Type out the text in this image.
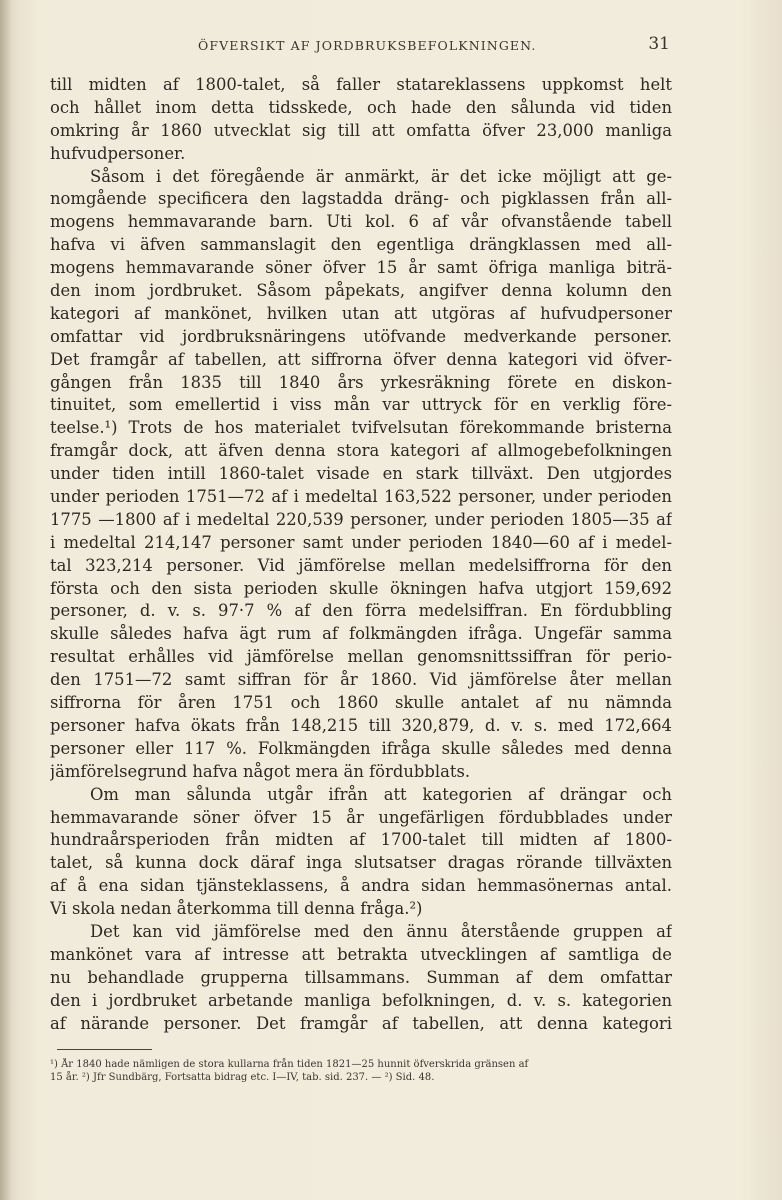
ÖFVERSIKT AF JORDBRUKSBEFOLKNINGEN.	31
till midten af 1800-talet, så faller statareklassens uppkomst helt
och hållet inom detta tidsskede, och hade den sålunda vid tiden
omkring år 1860 utvecklat sig till att omfatta öfver 23,000 manliga
hufvudpersoner.
Såsom i det föregående är anmärkt, är det icke möjligt att ge-
nomgående specificera den lagstadda dräng- och pigklassen från all-
mogens hemmavarande barn. Uti kol. 6 af vår ofvanstående tabell
hafva vi äfven sammanslagit den egentliga drängklassen med all-
mogens hemmavarande söner öfver 15 år samt öfriga manliga biträ-
den inom jordbruket. Såsom påpekats, angifver denna kolumn den
kategori af mankönet, hvilken utan att utgöras af hufvudpersoner
omfattar vid jordbruksnäringens utöfvande medverkande personer.
Det framgår af tabellen, att siffrorna öfver denna kategori vid öfver-
gången från 1835 till 1840 års yrkesräkning förete en diskon-
tinuitet, som emellertid i viss mån var uttryck för en verklig före-
teelse.¹) Trots de hos materialet tvifvelsutan förekommande bristerna
framgår dock, att äfven denna stora kategori af allmogebefolkningen
under tiden intill 1860-talet visade en stark tillväxt. Den utgjordes
under perioden 1751—72 af i medeltal 163,522 personer, under perioden
1775 —1800 af i medeltal 220,539 personer, under perioden 1805—35 af
i medeltal 214,147 personer samt under perioden 1840—60 af i medel-
tal 323,214 personer. Vid jämförelse mellan medelsiffrorna för den
första och den sista perioden skulle ökningen hafva utgjort 159,692
personer, d. v. s. 97·7 % af den förra medelsiffran. En fördubbling
skulle således hafva ägt rum af folkmängden ifråga. Ungefär samma
resultat erhålles vid jämförelse mellan genomsnittssiffran för perio-
den 1751—72 samt siffran för år 1860. Vid jämförelse åter mellan
siffrorna för åren 1751 och 1860 skulle antalet af nu nämnda
personer hafva ökats från 148,215 till 320,879, d. v. s. med 172,664
personer eller 117 %. Folkmängden ifråga skulle således med denna
jämförelsegrund hafva något mera än fördubblats.
Om man sålunda utgår ifrån att kategorien af drängar och
hemmavarande söner öfver 15 år ungefärligen fördubblades under
hundraårsperioden från midten af 1700-talet till midten af 1800-
talet, så kunna dock däraf inga slutsatser dragas rörande tillväxten
af å ena sidan tjänsteklassens, å andra sidan hemmasönernas antal.
Vi skola nedan återkomma till denna fråga.²)
Det kan vid jämförelse med den ännu återstående gruppen af
mankönet vara af intresse att betrakta utvecklingen af samtliga de
nu behandlade grupperna tillsammans. Summan af dem omfattar
den i jordbruket arbetande manliga befolkningen, d. v. s. kategorien
af närande personer. Det framgår af tabellen, att denna kategori
¹) År 1840 hade nämligen de stora kullarna från tiden 1821—25 hunnit öfverskrida gränsen af
15 år. ²) Jfr Sundbärg, Fortsatta bidrag etc. I—IV, tab. sid. 237. — ²) Sid. 48.
